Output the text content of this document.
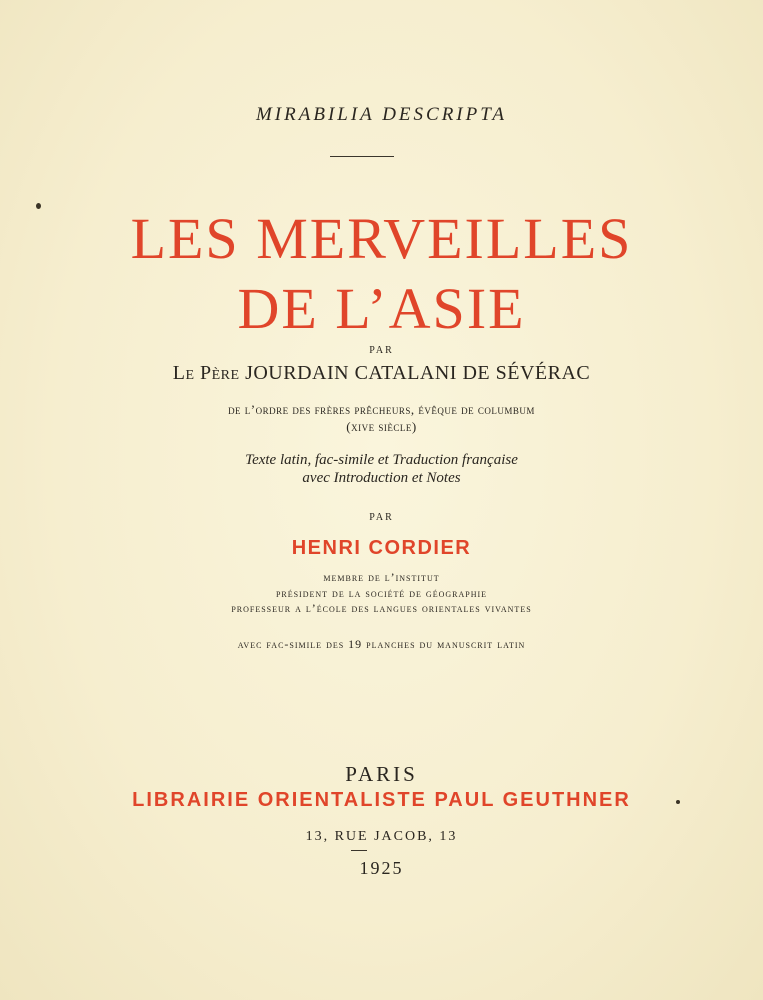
MIRABILIA DESCRIPTA
LES MERVEILLES
DE L’ASIE
PAR
Le Père JOURDAIN CATALANI DE SÉVÉRAC
de l’ordre des frères prêcheurs, évêque de columbum
(xive siècle)
Texte latin, fac-simile et Traduction française
avec Introduction et Notes
PAR
HENRI CORDIER
membre de l’institut
président de la société de géographie
professeur a l’école des langues orientales vivantes
avec fac-simile des 19 planches du manuscrit latin
PARIS
LIBRAIRIE ORIENTALISTE PAUL GEUTHNER
13, RUE JACOB, 13
1925
